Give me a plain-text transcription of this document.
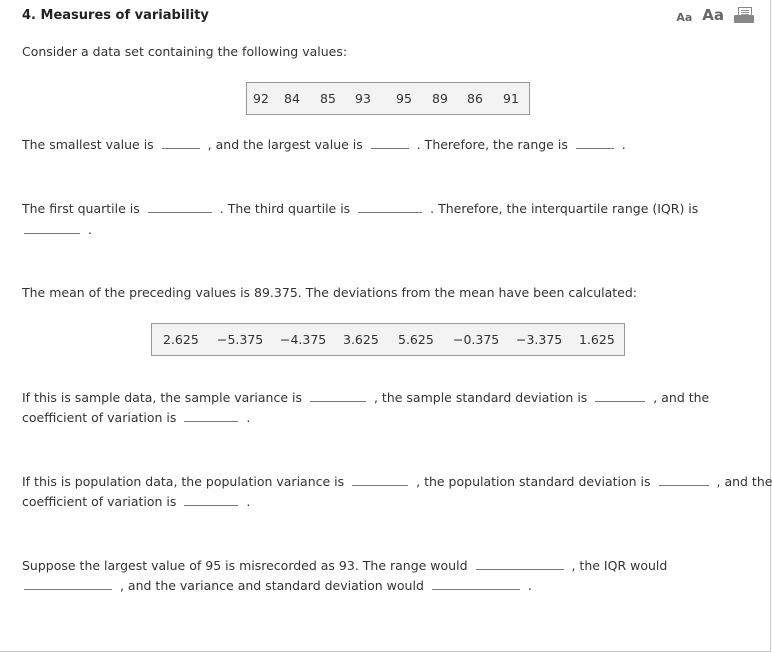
4. Measures of variability	Aa Aa
Consider a data set containing the following values:
92 84 85 93 95 89 86 91
The smallest value is	, and the largest value is	. Therefore, the range is	.
The first quartile is	. The third quartile is	. Therefore, the interquartile range (IQR) is
.
The mean of the preceding values is 89.375. The deviations from the mean have been calculated:
2.625 −5.375 −4.375 3.625 5.625 −0.375 −3.375 1.625
If this is sample data, the sample variance is	, the sample standard deviation is	, and the
coefficient of variation is	.
If this is population data, the population variance is	, the population standard deviation is	, and the
coefficient of variation is	.
Suppose the largest value of 95 is misrecorded as 93. The range would	, the IQR would
, and the variance and standard deviation would	.
